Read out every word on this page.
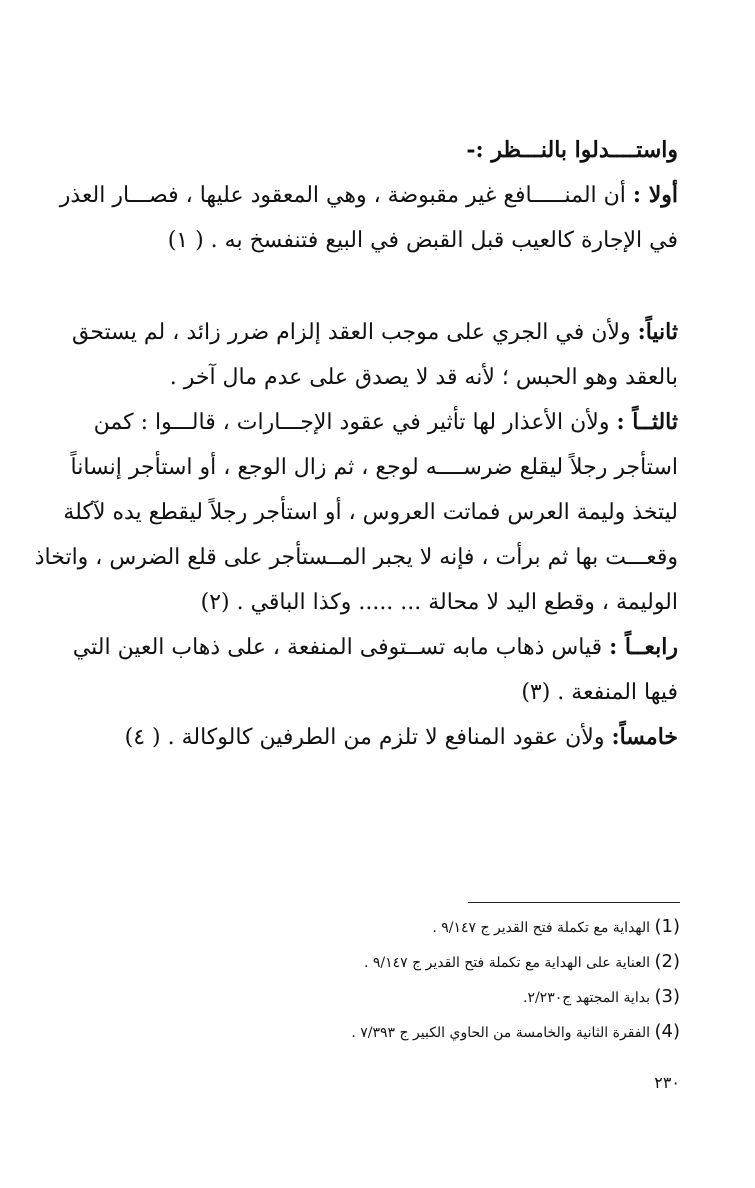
واستــــدلوا بالنـــظر :-

أولا : أن المنـــــافع غير مقبوضة ، وهي المعقود عليها ، فصـــار العذر

في الإجارة كالعيب قبل القبض في البيع فتنفسخ به . ( ١)

ثانياً: ولأن في الجري على موجب العقد إلزام ضرر زائد ، لم يستحق

بالعقد وهو الحبس ؛ لأنه قد لا يصدق على عدم مال آخر .

ثالثــاً : ولأن الأعذار لها تأثير في عقود الإجـــارات ، قالـــوا : كمن

استأجر رجلاً ليقلع ضرســــه لوجع ، ثم زال الوجع ، أو استأجر إنساناً

ليتخذ وليمة العرس فماتت العروس ، أو استأجر رجلاً ليقطع يده لآكلة

وقعـــت بها ثم برأت ، فإنه لا يجبر المــستأجر على قلع الضرس ، واتخاذ

الوليمة ، وقطع اليد لا محالة ... ..... وكذا الباقي . (٢)

رابعــاً : قياس ذهاب مابه تســتوفى المنفعة ، على ذهاب العين التي

فيها المنفعة . (٣)

خامساً: ولأن عقود المنافع لا تلزم من الطرفين كالوكالة . ( ٤)

(1) الهداية مع تكملة فتح القدير ج ٩/١٤٧ .

(2) العناية على الهداية مع تكملة فتح القدير ج ٩/١٤٧ .

(3) بداية المجتهد ج٢/٢٣٠.

(4) الفقرة الثانية والخامسة من الحاوي الكبير ج ٧/٣٩٣ .

٢٣٠
